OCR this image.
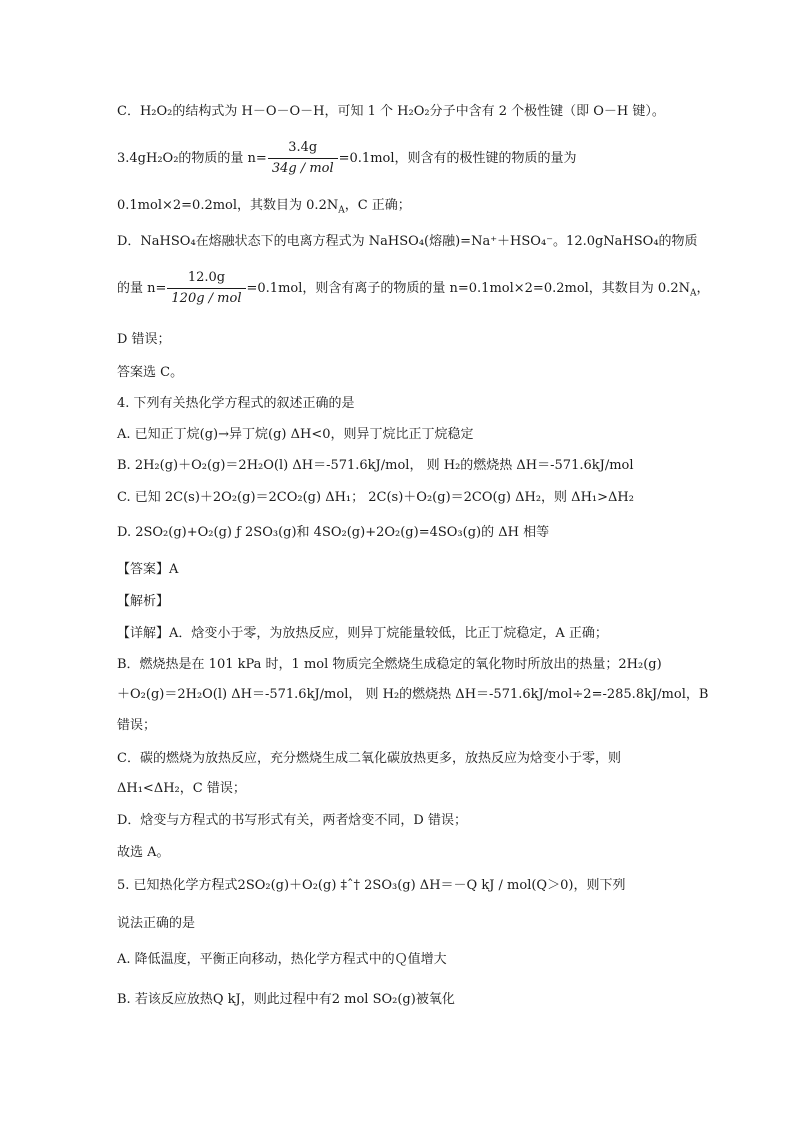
C．H₂O₂的结构式为 H－O－O－H，可知 1 个 H₂O₂分子中含有 2 个极性键（即 O－H 键）。
3.4gH₂O₂的物质的量 $n= \frac{3.4g}{\text{34g / mol}} =0.1mol$，则含有的极性键的物质的量为
0.1mol×2=0.2mol，其数目为 $0.2N_A$，C 正确；
D．NaHSO₄在熔融状态下的电离方程式为 NaHSO₄(熔融)=Na⁺＋HSO₄⁻。12.0gNaHSO₄的物质
的量 $n= \frac{12.0g}{\text{120g / mol}} =0.1mol$，则含有离子的物质的量 n=0.1mol×2=0.2mol，其数目为 $0.2N_A$，
D 错误；
答案选 C。
4. 下列有关热化学方程式的叙述正确的是
A. 已知正丁烷(g)→异丁烷(g) ΔH<0，则异丁烷比正丁烷稳定
B. 2H₂(g)＋O₂(g)＝2H₂O(l) ΔH＝-571.6kJ/mol， 则 H₂的燃烧热 ΔH＝-571.6kJ/mol
C. 已知 2C(s)＋2O₂(g)＝2CO₂(g) ΔH₁； 2C(s)＋O₂(g)＝2CO(g) ΔH₂，则 ΔH₁>ΔH₂
D. 2SO₂(g)+O₂(g) ƒ 2SO₃(g)和 4SO₂(g)+2O₂(g)=4SO₃(g)的 ΔH 相等
【答案】A
【解析】
【详解】A．焓变小于零，为放热反应，则异丁烷能量较低，比正丁烷稳定，A 正确；
B．燃烧热是在 101 kPa 时，1 mol 物质完全燃烧生成稳定的氧化物时所放出的热量；2H₂(g)
＋O₂(g)＝2H₂O(l) ΔH＝-571.6kJ/mol， 则 H₂的燃烧热 ΔH＝-571.6kJ/mol÷2=-285.8kJ/mol，B
错误；
C．碳的燃烧为放热反应，充分燃烧生成二氧化碳放热更多，放热反应为焓变小于零，则
ΔH₁<ΔH₂，C 错误；
D．焓变与方程式的书写形式有关，两者焓变不同，D 错误；
故选 A。
5. 已知热化学方程式2SO₂(g)＋O₂(g) ‡ˆ† 2SO₃(g) ΔH＝－Q kJ / mol(Q＞0)，则下列
说法正确的是
A. 降低温度，平衡正向移动，热化学方程式中的Ｑ值增大
B. 若该反应放热Q kJ，则此过程中有2 mol SO₂(g)被氧化
